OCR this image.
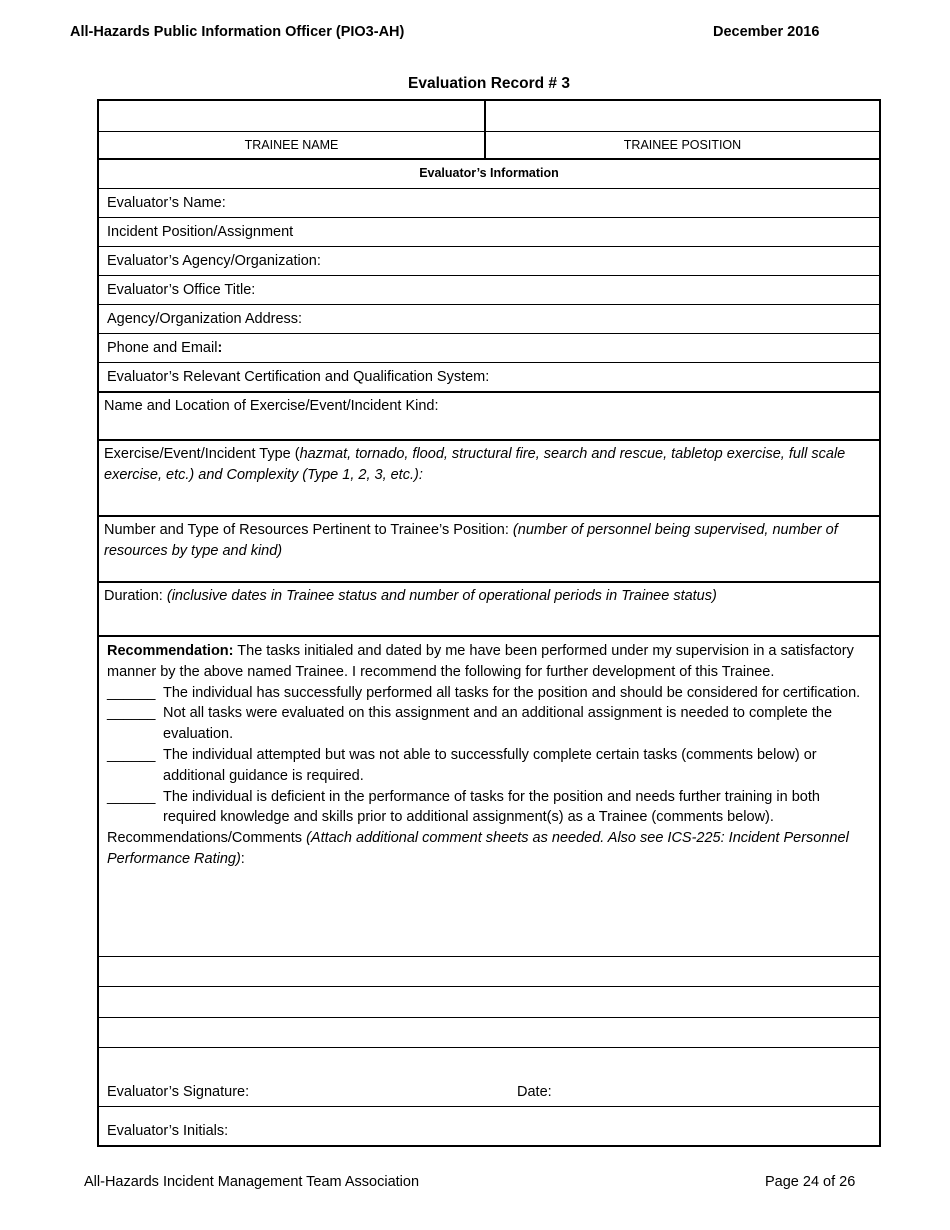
All-Hazards Public Information Officer (PIO3-AH)	December 2016
Evaluation Record # 3
TRAINEE NAME	TRAINEE POSITION
Evaluator’s Information
Evaluator’s Name:
Incident Position/Assignment
Evaluator’s Agency/Organization:
Evaluator’s Office Title:
Agency/Organization Address:
Phone and Email:
Evaluator’s Relevant Certification and Qualification System:
Name and Location of Exercise/Event/Incident Kind:
Exercise/Event/Incident Type (hazmat, tornado, flood, structural fire, search and rescue, tabletop exercise, full scale exercise, etc.) and Complexity (Type 1, 2, 3, etc.):
Number and Type of Resources Pertinent to Trainee’s Position: (number of personnel being supervised, number of resources by type and kind)
Duration: (inclusive dates in Trainee status and number of operational periods in Trainee status)
Recommendation: The tasks initialed and dated by me have been performed under my supervision in a satisfactory manner by the above named Trainee. I recommend the following for further development of this Trainee.
______ The individual has successfully performed all tasks for the position and should be considered for certification.
______ Not all tasks were evaluated on this assignment and an additional assignment is needed to complete the evaluation.
______ The individual attempted but was not able to successfully complete certain tasks (comments below) or additional guidance is required.
______ The individual is deficient in the performance of tasks for the position and needs further training in both required knowledge and skills prior to additional assignment(s) as a Trainee (comments below).
Recommendations/Comments (Attach additional comment sheets as needed. Also see ICS-225: Incident Personnel Performance Rating):
Evaluator’s Signature:	Date:
Evaluator’s Initials:
All-Hazards Incident Management Team Association	Page 24 of 26
